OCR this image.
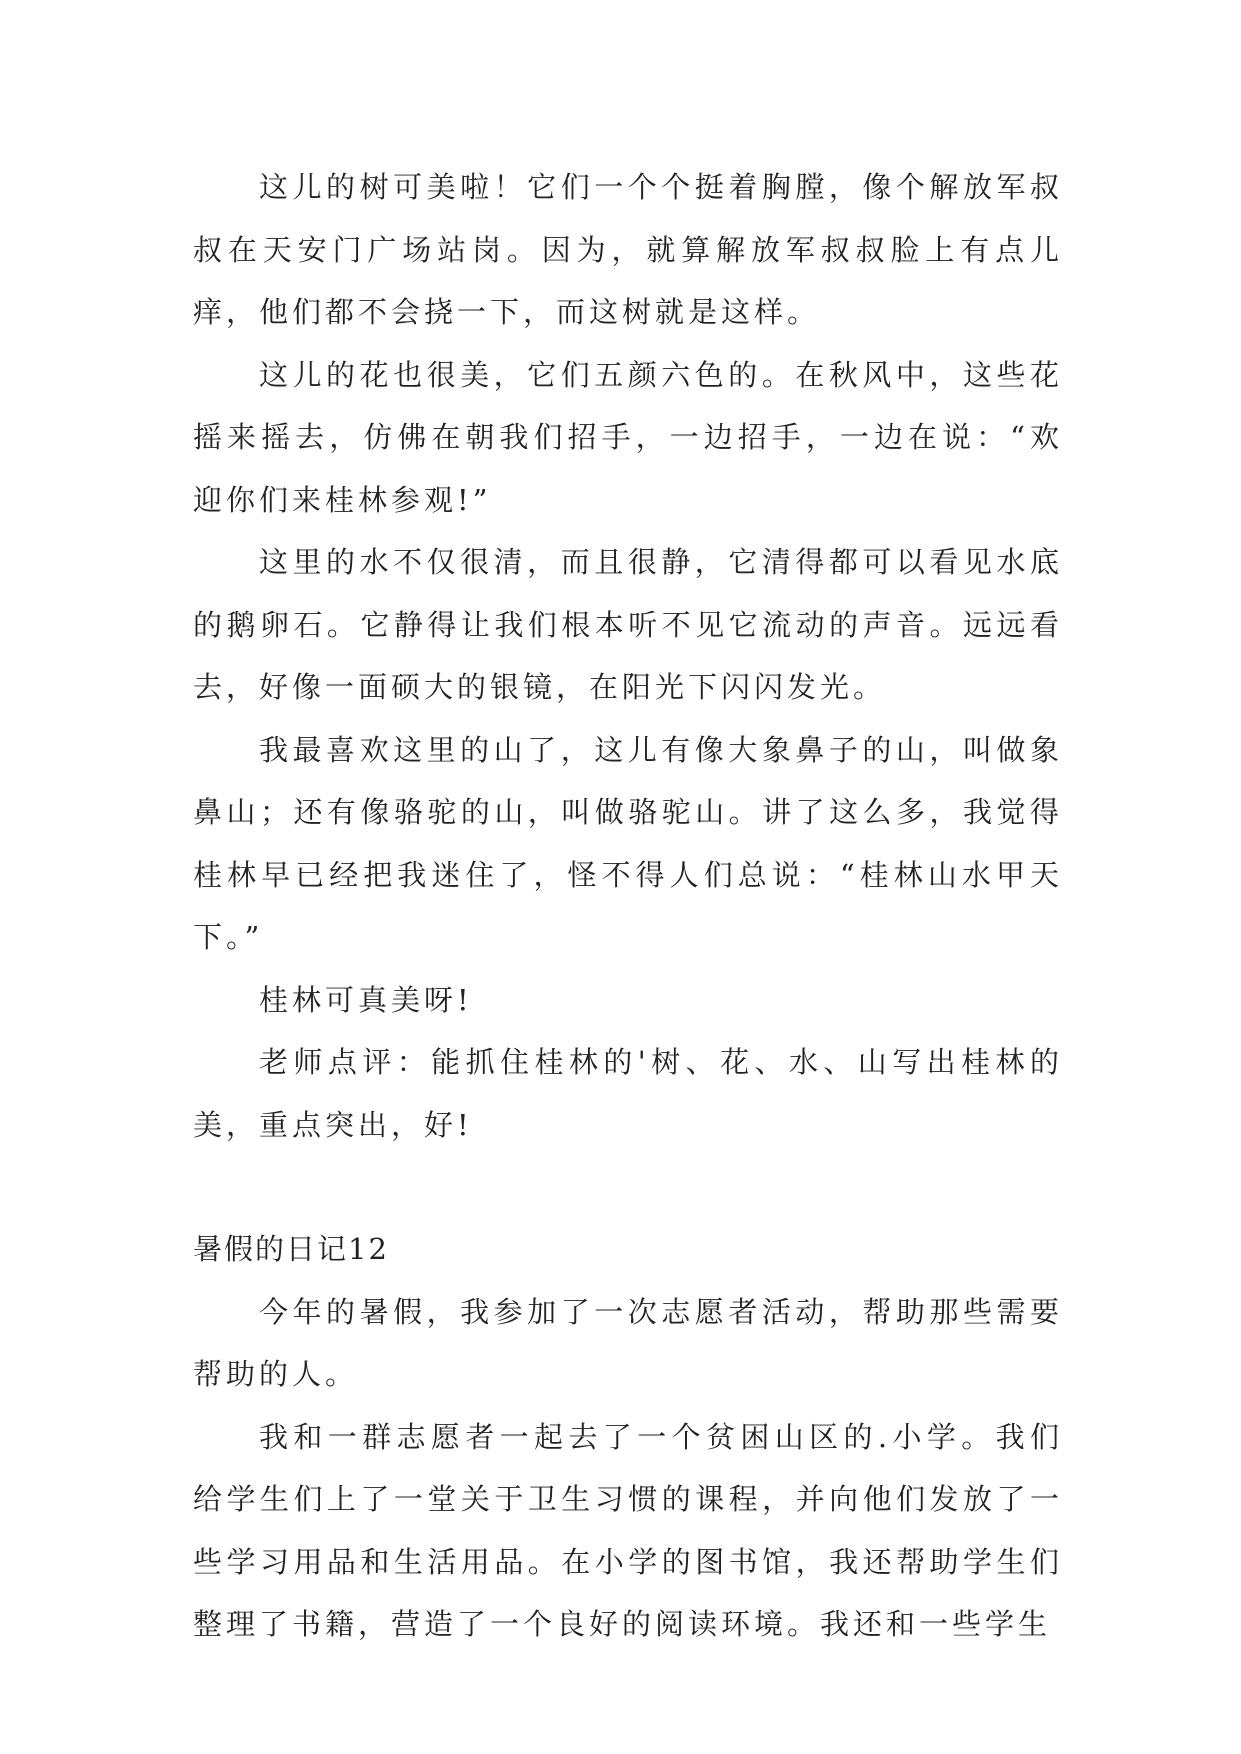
这儿的树可美啦！它们一个个挺着胸膛，像个解放军叔叔在天安门广场站岗。因为，就算解放军叔叔脸上有点儿痒，他们都不会挠一下，而这树就是这样。

这儿的花也很美，它们五颜六色的。在秋风中，这些花摇来摇去，仿佛在朝我们招手，一边招手，一边在说：“欢迎你们来桂林参观!”

这里的水不仅很清，而且很静，它清得都可以看见水底的鹅卵石。它静得让我们根本听不见它流动的声音。远远看去，好像一面硕大的银镜，在阳光下闪闪发光。

我最喜欢这里的山了，这儿有像大象鼻子的山，叫做象鼻山；还有像骆驼的山，叫做骆驼山。讲了这么多，我觉得桂林早已经把我迷住了，怪不得人们总说：“桂林山水甲天下。”

桂林可真美呀!

老师点评：能抓住桂林的'树、花、水、山写出桂林的美，重点突出，好!

暑假的日记12

今年的暑假，我参加了一次志愿者活动，帮助那些需要帮助的人。

我和一群志愿者一起去了一个贫困山区的.小学。我们给学生们上了一堂关于卫生习惯的课程，并向他们发放了一些学习用品和生活用品。在小学的图书馆，我还帮助学生们整理了书籍，营造了一个良好的阅读环境。我还和一些学生
